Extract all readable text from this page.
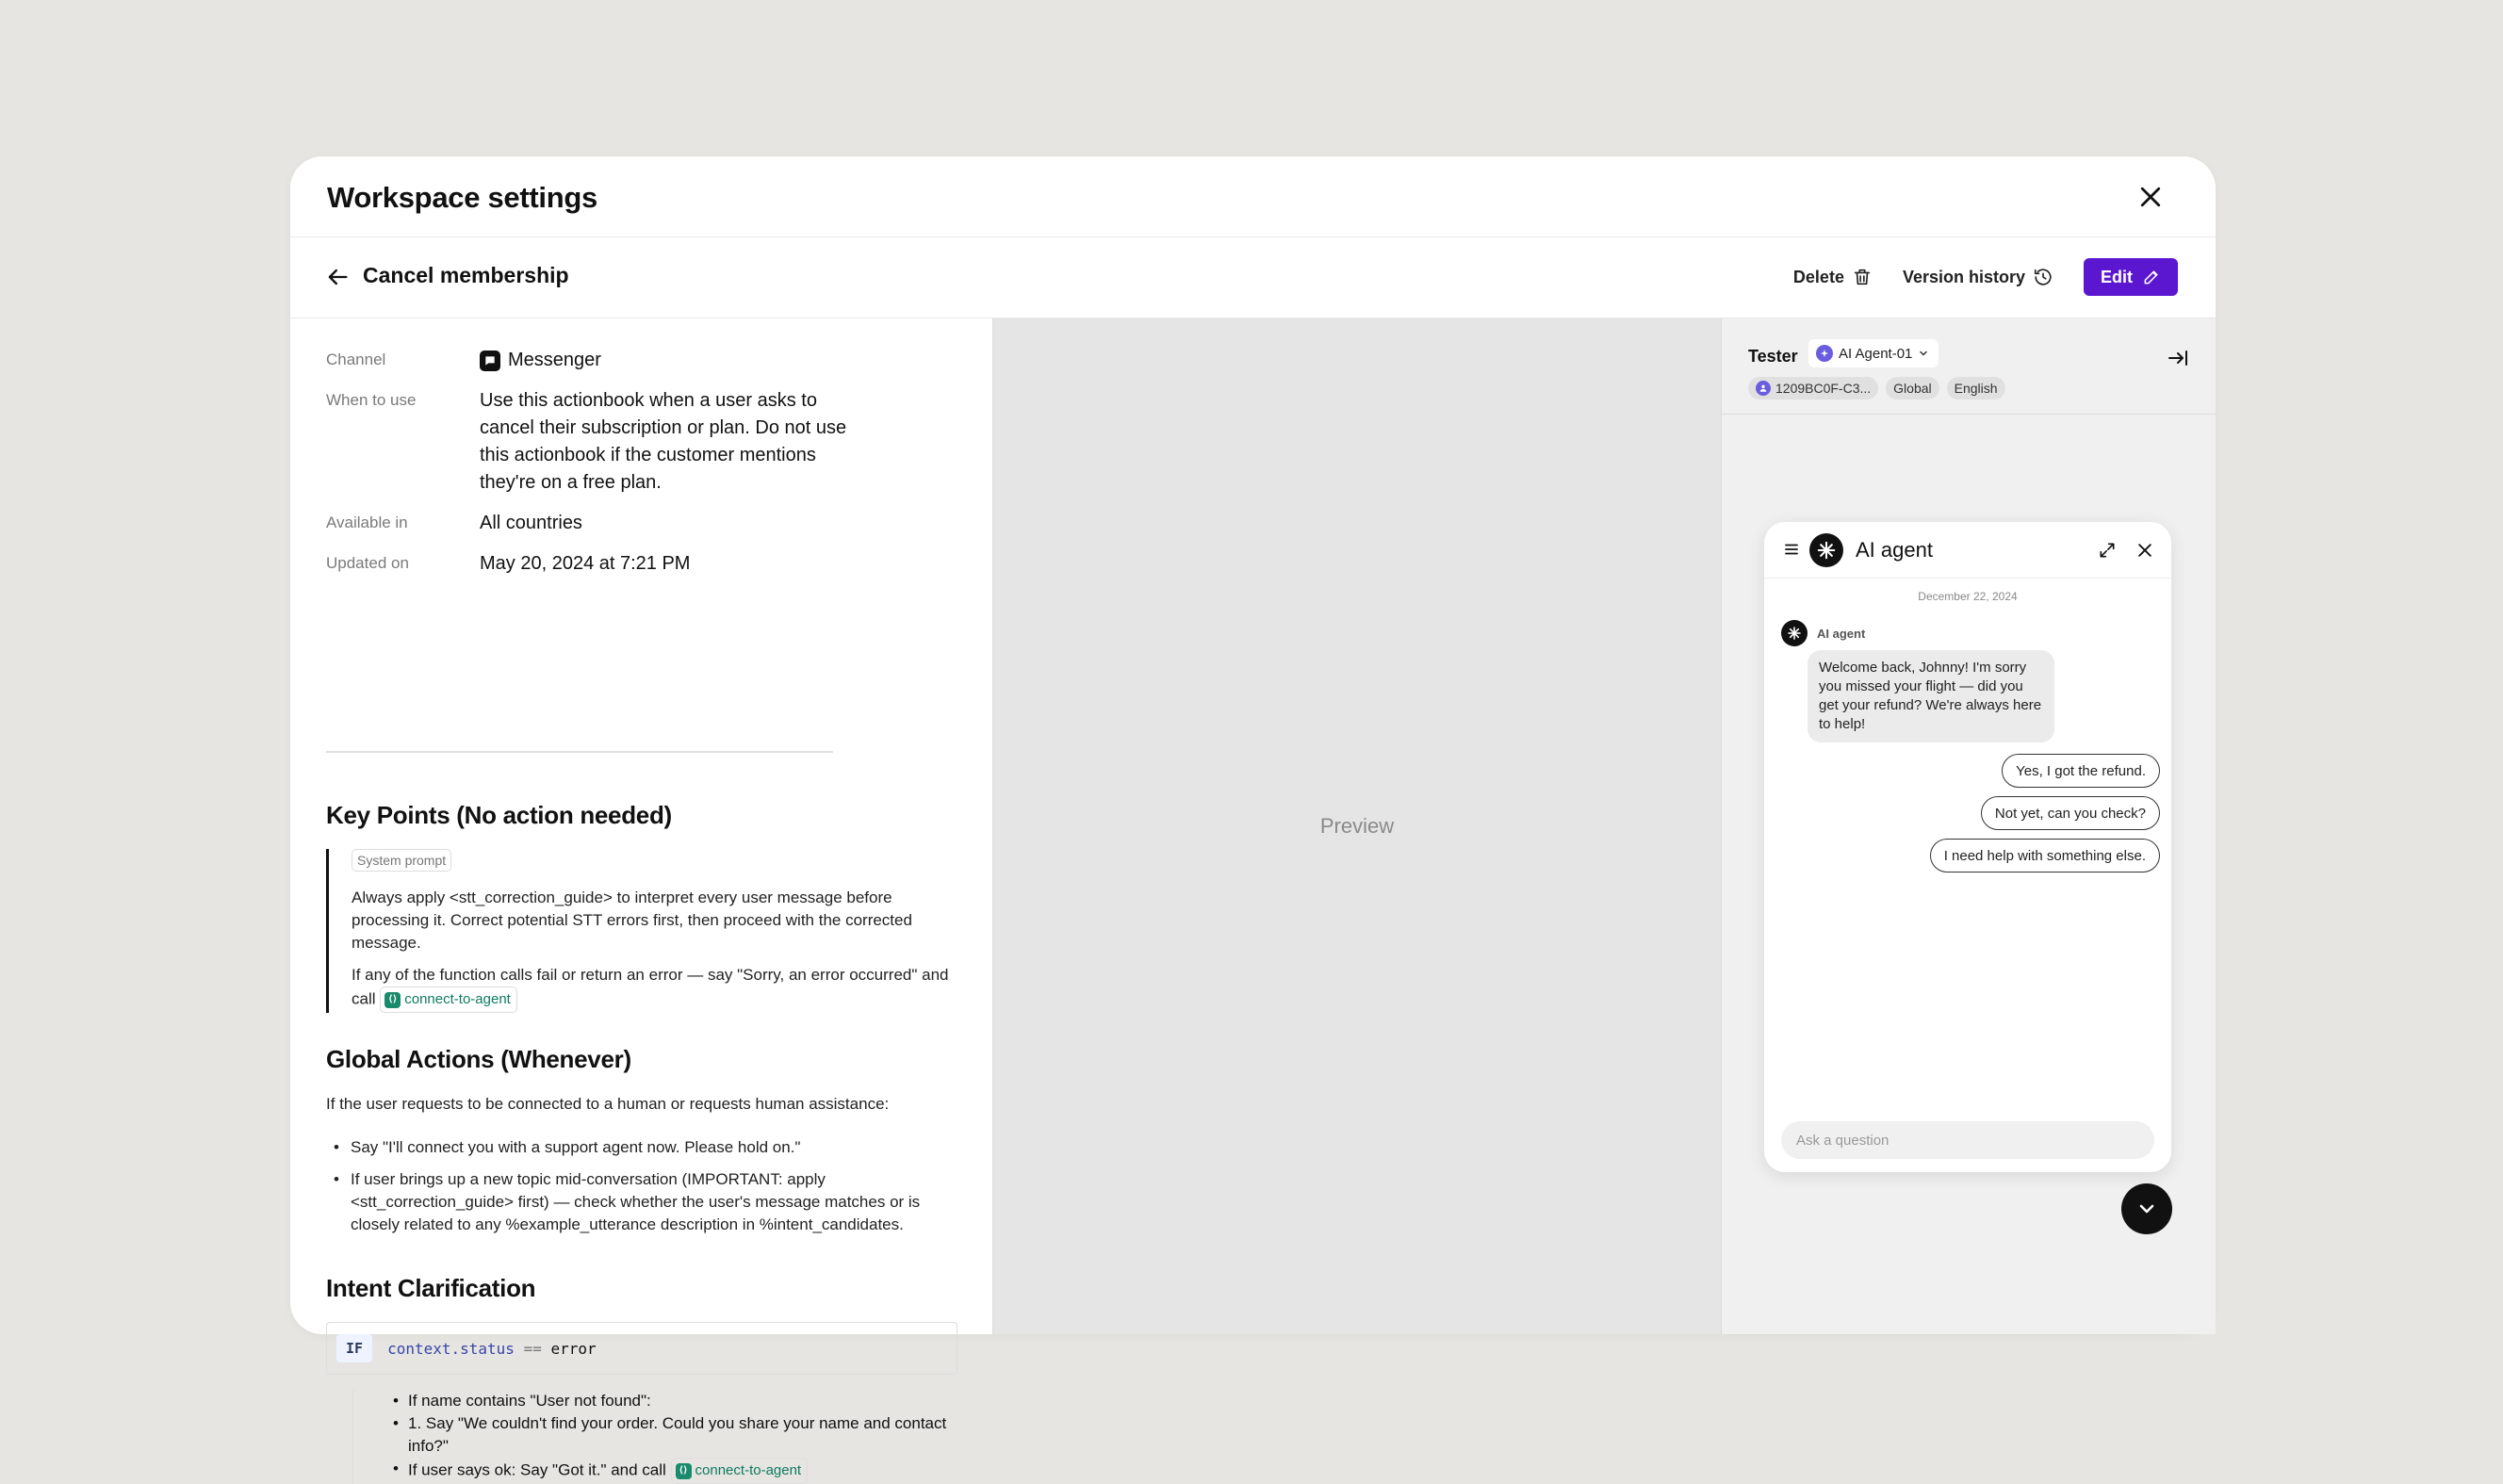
Workspace settings
Cancel membership	Delete	Version history	Edit
Channel	Messenger
When to use	Use this actionbook when a user asks to cancel their subscription or plan. Do not use this actionbook if the customer mentions they're on a free plan.
Available in	All countries
Updated on	May 20, 2024 at 7:21 PM
Key Points (No action needed)
System prompt

Always apply <stt_correction_guide> to interpret every user message before processing it. Correct potential STT errors first, then proceed with the corrected message.

If any of the function calls fail or return an error — say "Sorry, an error occurred" and call	⟨⟩ connect-to-agent

Global Actions (Whenever)
If the user requests to be connected to a human or requests human assistance:
• Say "I'll connect you with a support agent now. Please hold on."
• If user brings up a new topic mid-conversation (IMPORTANT: apply <stt_correction_guide> first) — check whether the user's message matches or is closely related to any %example_utterance description in %intent_candidates.
Intent Clarification
IF	context.status == error
• If name contains "User not found":
• 1. Say "We couldn't find your order. Could you share your name and contact info?"
• If user says ok: Say "Got it." and call	⟨⟩ connect-to-agent
Preview
Tester	AI Agent-01
1209BC0F-C3...	Global	English
AI agent
December 22, 2024
AI agent
Welcome back, Johnny! I'm sorry you missed your flight — did you get your refund? We're always here to help!
Yes, I got the refund.
Not yet, can you check?
I need help with something else.
Ask a question
